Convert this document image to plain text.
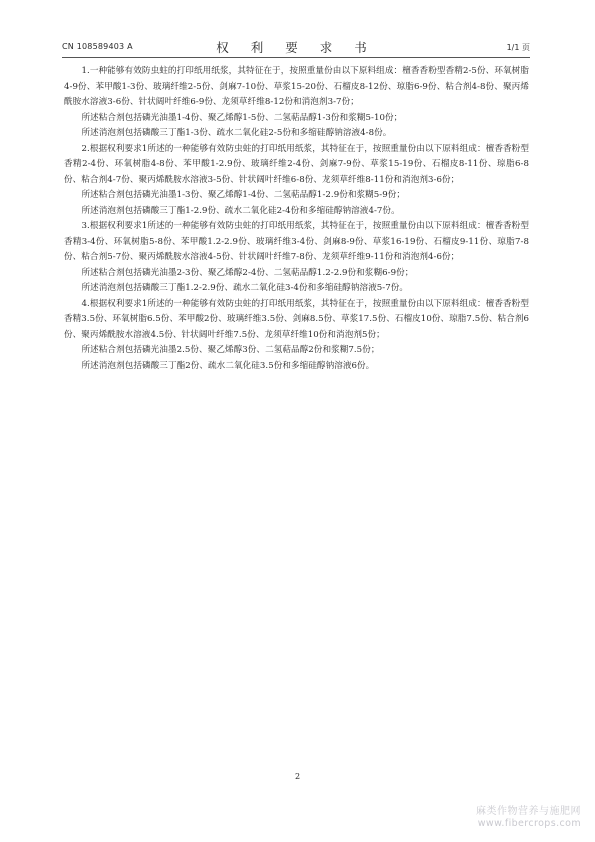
CN 108589403 A	权 利 要 求 书	1/1 页

1.一种能够有效防虫蛀的打印纸用纸浆，其特征在于，按照重量份由以下原料组成：檀香香粉型香精2-5份、环氧树脂4-9份、苯甲酸1-3份、玻璃纤维2-5份、剑麻7-10份、草浆15-20份、石榴皮8-12份、琼脂6-9份、粘合剂4-8份、聚丙烯酰胺水溶液3-6份、针状阔叶纤维6-9份、龙须草纤维8-12份和消泡剂3-7份；

所述粘合剂包括磷光油墨1-4份、聚乙烯醇1-5份、二氢萜品醇1-3份和浆糊5-10份；

所述消泡剂包括磷酸三丁酯1-3份、疏水二氧化硅2-5份和多缩硅醇钠溶液4-8份。

2.根据权利要求1所述的一种能够有效防虫蛀的打印纸用纸浆，其特征在于，按照重量份由以下原料组成：檀香香粉型香精2-4份、环氧树脂4-8份、苯甲酸1-2.9份、玻璃纤维2-4份、剑麻7-9份、草浆15-19份、石榴皮8-11份、琼脂6-8份、粘合剂4-7份、聚丙烯酰胺水溶液3-5份、针状阔叶纤维6-8份、龙须草纤维8-11份和消泡剂3-6份；

所述粘合剂包括磷光油墨1-3份、聚乙烯醇1-4份、二氢萜品醇1-2.9份和浆糊5-9份；

所述消泡剂包括磷酸三丁酯1-2.9份、疏水二氧化硅2-4份和多缩硅醇钠溶液4-7份。

3.根据权利要求1所述的一种能够有效防虫蛀的打印纸用纸浆，其特征在于，按照重量份由以下原料组成：檀香香粉型香精3-4份、环氧树脂5-8份、苯甲酸1.2-2.9份、玻璃纤维3-4份、剑麻8-9份、草浆16-19份、石榴皮9-11份、琼脂7-8份、粘合剂5-7份、聚丙烯酰胺水溶液4-5份、针状阔叶纤维7-8份、龙须草纤维9-11份和消泡剂4-6份；

所述粘合剂包括磷光油墨2-3份、聚乙烯醇2-4份、二氢萜品醇1.2-2.9份和浆糊6-9份；

所述消泡剂包括磷酸三丁酯1.2-2.9份、疏水二氧化硅3-4份和多缩硅醇钠溶液5-7份。

4.根据权利要求1所述的一种能够有效防虫蛀的打印纸用纸浆，其特征在于，按照重量份由以下原料组成：檀香香粉型香精3.5份、环氧树脂6.5份、苯甲酸2份、玻璃纤维3.5份、剑麻8.5份、草浆17.5份、石榴皮10份、琼脂7.5份、粘合剂6份、聚丙烯酰胺水溶液4.5份、针状阔叶纤维7.5份、龙须草纤维10份和消泡剂5份；

所述粘合剂包括磷光油墨2.5份、聚乙烯醇3份、二氢萜品醇2份和浆糊7.5份；

所述消泡剂包括磷酸三丁酯2份、疏水二氧化硅3.5份和多缩硅醇钠溶液6份。

2
麻类作物营养与施肥网
www.fibercrops.com
